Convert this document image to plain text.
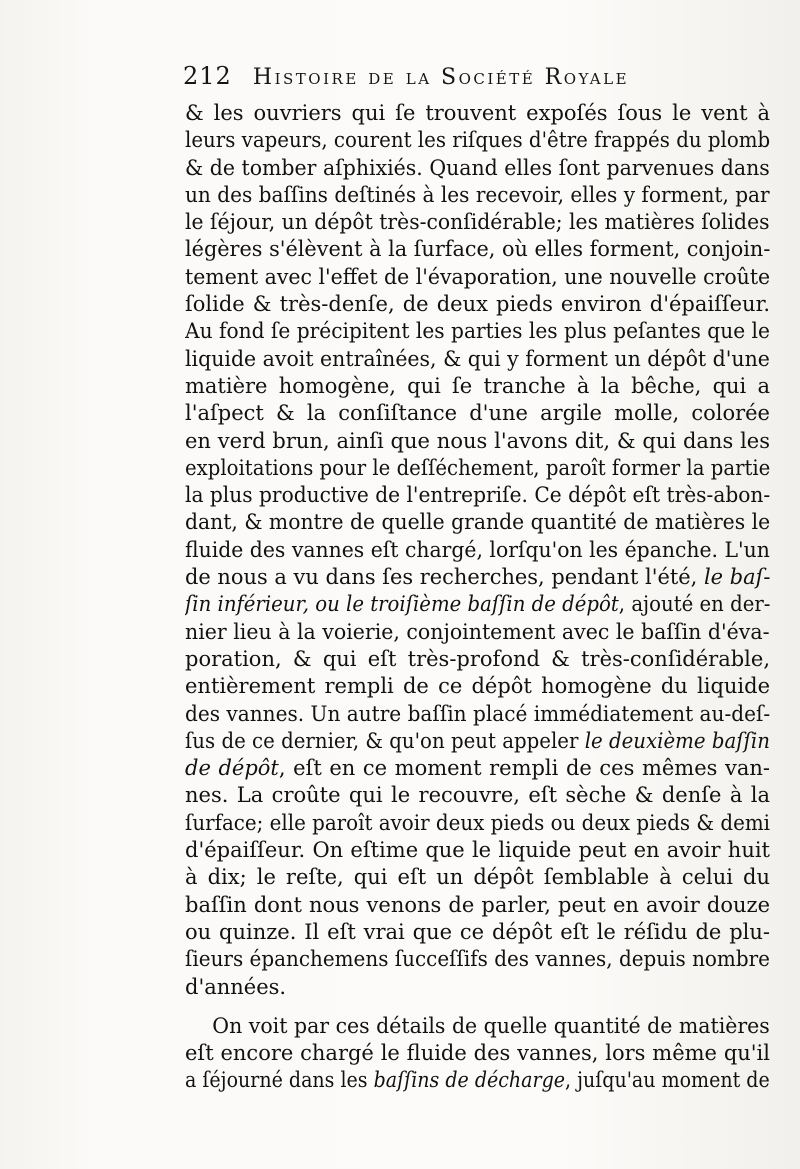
212 Histoire de la Société Royale
& les ouvriers qui ſe trouvent expoſés ſous le vent à
leurs vapeurs, courent les riſques d'être frappés du plomb
& de tomber aſphixiés. Quand elles ſont parvenues dans
un des baſſins deſtinés à les recevoir, elles y forment, par
le ſéjour, un dépôt très-conſidérable; les matières ſolides
légères s'élèvent à la ſurface, où elles forment, conjoin-
tement avec l'effet de l'évaporation, une nouvelle croûte
ſolide & très-denſe, de deux pieds environ d'épaiſſeur.
Au fond ſe précipitent les parties les plus peſantes que le
liquide avoit entraînées, & qui y forment un dépôt d'une
matière homogène, qui ſe tranche à la bêche, qui a
l'aſpect & la conſiſtance d'une argile molle, colorée
en verd brun, ainſi que nous l'avons dit, & qui dans les
exploitations pour le deſſéchement, paroît former la partie
la plus productive de l'entrepriſe. Ce dépôt eſt très-abon-
dant, & montre de quelle grande quantité de matières le
fluide des vannes eſt chargé, lorſqu'on les épanche. L'un
de nous a vu dans ſes recherches, pendant l'été, le baſ-
ſin inférieur, ou le troiſième baſſin de dépôt, ajouté en der-
nier lieu à la voierie, conjointement avec le baſſin d'éva-
poration, & qui eſt très-profond & très-conſidérable,
entièrement rempli de ce dépôt homogène du liquide
des vannes. Un autre baſſin placé immédiatement au-deſ-
ſus de ce dernier, & qu'on peut appeler le deuxième baſſin
de dépôt, eſt en ce moment rempli de ces mêmes van-
nes. La croûte qui le recouvre, eſt sèche & denſe à la
ſurface; elle paroît avoir deux pieds ou deux pieds & demi
d'épaiſſeur. On eſtime que le liquide peut en avoir huit
à dix; le reſte, qui eſt un dépôt ſemblable à celui du
baſſin dont nous venons de parler, peut en avoir douze
ou quinze. Il eſt vrai que ce dépôt eſt le réſidu de plu-
ſieurs épanchemens ſucceſſifs des vannes, depuis nombre
d'années.
On voit par ces détails de quelle quantité de matières
eſt encore chargé le fluide des vannes, lors même qu'il
a ſéjourné dans les baſſins de décharge, juſqu'au moment de
